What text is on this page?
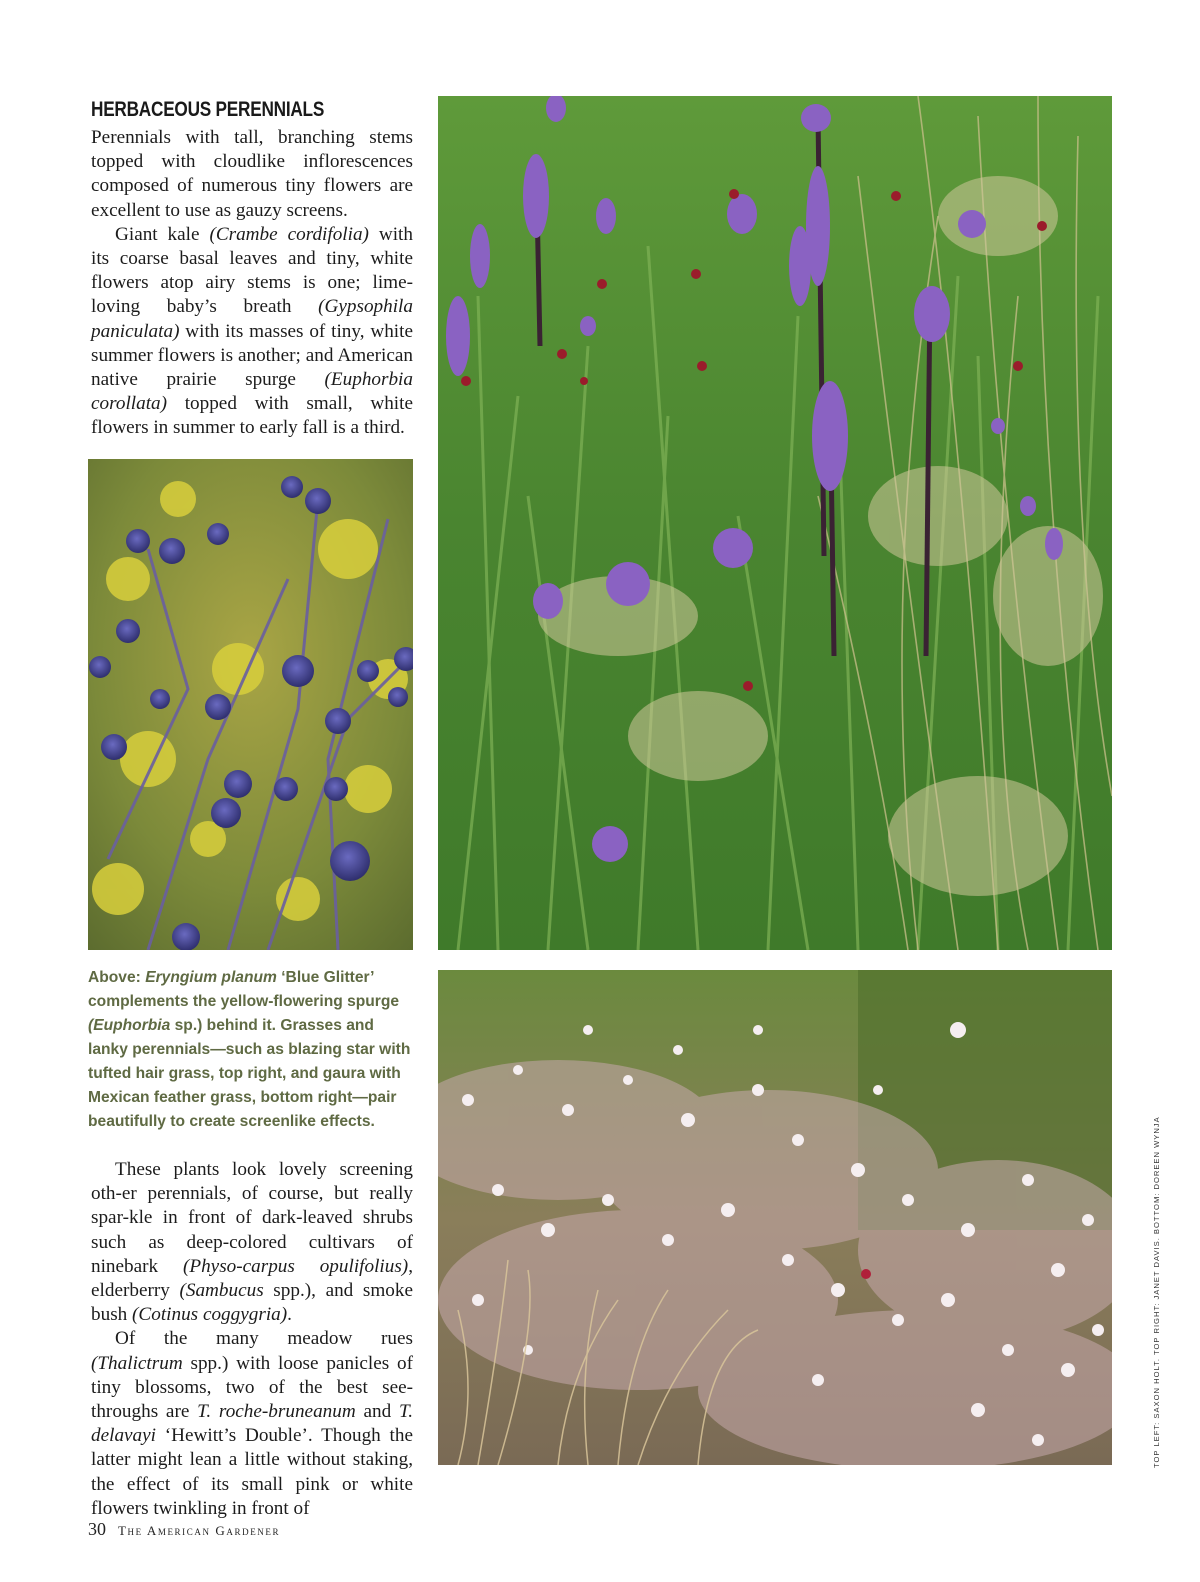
HERBACEOUS PERENNIALS

Perennials with tall, branching stems topped with cloudlike inflorescences composed of numerous tiny flowers are excellent to use as gauzy screens.

Giant kale (Crambe cordifolia) with its coarse basal leaves and tiny, white flowers atop airy stems is one; lime-loving baby’s breath (Gypsophila paniculata) with its masses of tiny, white summer flowers is another; and American native prairie spurge (Euphorbia corollata) topped with small, white flowers in summer to early fall is a third.

Above: Eryngium planum ‘Blue Glitter’ complements the yellow-flowering spurge (Euphorbia sp.) behind it. Grasses and lanky perennials—such as blazing star with tufted hair grass, top right, and gaura with Mexican feather grass, bottom right—pair beautifully to create screenlike effects.

These plants look lovely screening oth-er perennials, of course, but really spar-kle in front of dark-leaved shrubs such as deep-colored cultivars of ninebark (Physo-carpus opulifolius), elderberry (Sambucus spp.), and smoke bush (Cotinus coggygria).

Of the many meadow rues (Thalictrum spp.) with loose panicles of tiny blossoms, two of the best see-throughs are T. roche-bruneanum and T. delavayi ‘Hewitt’s Double’. Though the latter might lean a little without staking, the effect of its small pink or white flowers twinkling in front of

TOP LEFT: SAXON HOLT. TOP RIGHT: JANET DAVIS. BOTTOM: DOREEN WYNJA
30 The American Gardener
